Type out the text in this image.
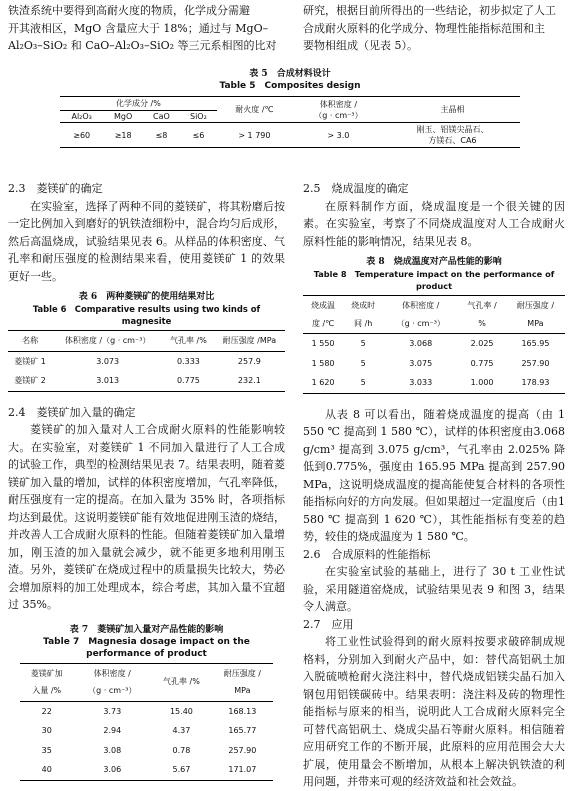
铁渣系统中要得到高耐火度的物质，化学成分需避

开其液相区，MgO 含量应大于 18%；通过与 MgO–

Al₂O₃–SiO₂ 和 CaO–Al₂O₃–SiO₂ 等三元系相图的比对

研究，根据目前所得出的一些结论，初步拟定了人工

合成耐火原料的化学成分、物理性能指标范围和主

要物相组成（见表 5）。

表 5　合成材料设计

Table 5　Composites design

化学成分 /%				耐火度 /℃	体积密度 /
（g · cm⁻³）	主晶相
Al₂O₃	MgO	CaO	SiO₂			
≥60	≥18	≤8	≤6	> 1 790	> 3.0	刚玉、铝镁尖晶石、
方镁石、CA6

2.3　菱镁矿的确定

在实验室，选择了两种不同的菱镁矿，将其粉磨后按一定比例加入到磨好的钒铁渣细粉中，混合均匀后成形，然后高温烧成，试验结果见表 6。从样品的体积密度、气孔率和耐压强度的检测结果来看，使用菱镁矿 1 的效果更好一些。

表 6　两种菱镁矿的使用结果对比

Table 6　Comparative results using two kinds of magnesite

名称	体积密度 /（g · cm⁻³）	气孔率 /%	耐压强度 /MPa
菱镁矿 1	3.073	0.333	257.9
菱镁矿 2	3.013	0.775	232.1

2.4　菱镁矿加入量的确定

菱镁矿的加入量对人工合成耐火原料的性能影响较大。在实验室，对菱镁矿 1 不同加入量进行了人工合成的试验工作，典型的检测结果见表 7。结果表明，随着菱镁矿加入量的增加，试样的体积密度增加，气孔率降低，耐压强度有一定的提高。在加入量为 35% 时，各项指标均达到最优。这说明菱镁矿能有效地促进刚玉渣的烧结，并改善人工合成耐火原料的性能。但随着菱镁矿加入量增加，刚玉渣的加入量就会减少，就不能更多地利用刚玉渣。另外，菱镁矿在烧成过程中的质量损失比较大，势必会增加原料的加工处理成本，综合考虑，其加入量不宜超过 35%。

表 7　菱镁矿加入量对产品性能的影响

Table 7　Magnesia dosage impact on the

performance of product

菱镁矿加
入量 /%	体积密度 /
（g · cm⁻³）	气孔率 /%	耐压强度 /
MPa
22	3.73	15.40	168.13
30	2.94	4.37	165.77
35	3.08	0.78	257.90
40	3.06	5.67	171.07

2.5　烧成温度的确定

在原料制作方面，烧成温度是一个很关键的因素。在实验室，考察了不同烧成温度对人工合成耐火原料性能的影响情况，结果见表 8。

表 8　烧成温度对产品性能的影响

Table 8　Temperature impact on the performance of product

烧成温
度 /℃	烧成时
间 /h	体积密度 /
（g · cm⁻³）	气孔率 /
%	耐压强度 /
MPa
1 550	5	3.068	2.025	165.95
1 580	5	3.075	0.775	257.90
1 620	5	3.033	1.000	178.93

从表 8 可以看出，随着烧成温度的提高（由 1 550 ℃ 提高到 1 580 ℃），试样的体积密度由3.068 g/cm³ 提高到 3.075 g/cm³，气孔率由 2.025% 降低到0.775%，强度由 165.95 MPa 提高到 257.90 MPa，这说明烧成温度的提高能使复合材料的各项性能指标向好的方向发展。但如果超过一定温度后（由1 580 ℃ 提高到 1 620 ℃），其性能指标有变差的趋势，较佳的烧成温度为 1 580 ℃。

2.6　合成原料的性能指标

在实验室试验的基础上，进行了 30 t 工业性试验，采用隧道窑烧成，试验结果见表 9 和图 3，结果令人满意。

2.7　应用

将工业性试验得到的耐火原料按要求破碎制成规格料，分别加入到耐火产品中，如：替代高铝矾土加入脱硫喷枪耐火浇注料中，替代烧成铝镁尖晶石加入钢包用铝镁碳砖中。结果表明：浇注料及砖的物理性能指标与原来的相当，说明此人工合成耐火原料完全可替代高铝矾土、烧成尖晶石等耐火原料。相信随着应用研究工作的不断开展，此原料的应用范围会大大扩展，使用量会不断增加，从根本上解决钒铁渣的利用问题，并带来可观的经济效益和社会效益。
